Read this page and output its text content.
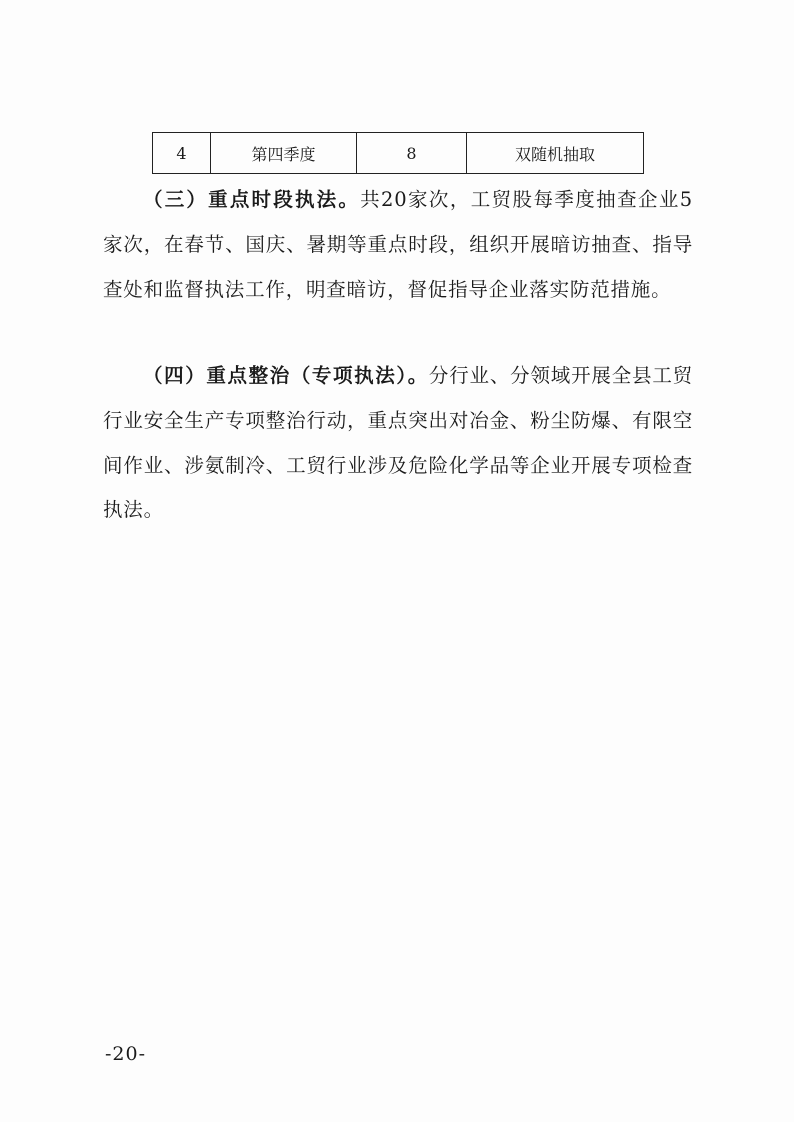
4	第四季度	8	双随机抽取

（三）重点时段执法。共20家次，工贸股每季度抽查企业5家次，在春节、国庆、暑期等重点时段，组织开展暗访抽查、指导查处和监督执法工作，明查暗访，督促指导企业落实防范措施。

（四）重点整治（专项执法）。分行业、分领域开展全县工贸行业安全生产专项整治行动，重点突出对冶金、粉尘防爆、有限空间作业、涉氨制冷、工贸行业涉及危险化学品等企业开展专项检查执法。

-20-
